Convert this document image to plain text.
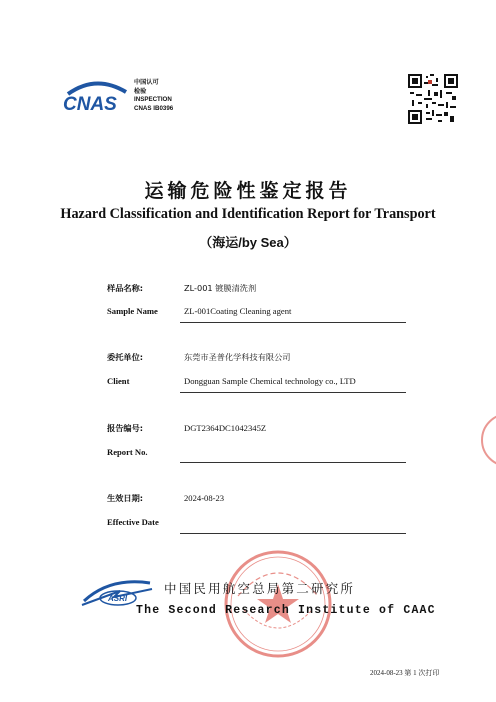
CNAS
中国认可
检验
INSPECTION
CNAS IB0396
运输危险性鉴定报告
Hazard Classification and Identification Report for Transport
（海运/by Sea）
样品名称:	ZL-001 镀膜清洗剂
Sample Name	ZL-001Coating Cleaning agent
委托单位:	东莞市圣普化学科技有限公司
Client	Dongguan Sample Chemical technology co., LTD
报告编号:	DGT2364DC1042345Z
Report No.
生效日期:	2024-08-23
Effective Date
ASRI
中国民用航空总局第二研究所
The Second Research Institute of CAAC
2024-08-23 第 1 次打印
